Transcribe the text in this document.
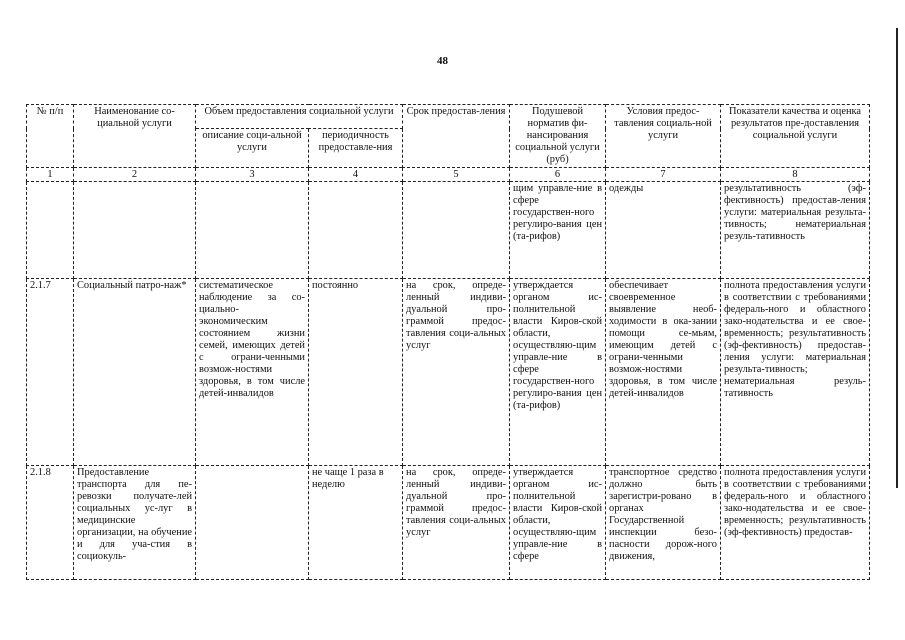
48
№ п/п	Наименование со-циальной услуги	Объем предоставления социальной услуги		Срок предостав-ления	Подушевой норматив фи-нансирования социальной услуги (руб)	Условия предос-тавления социаль-ной услуги	Показатели качества и оценка результатов пре-доставления социальной услуги
		описание соци-альной услуги	периодичность предоставле-ния				
1	2	3	4	5	6	7	8
					щим управле-ние в сфере государствен-ного регулиро-вания цен (та-рифов)	одежды	результативность (эф-фективность) предостав-ления услуги: материальная результа-тивность; нематериальная резуль-тативность
2.1.7	Социальный патро-наж*	систематическое наблюдение за со-циально-экономическим состоянием жизни семей, имеющих детей с ограни-ченными возмож-ностями здоровья, в том числе детей-инвалидов	постоянно	на срок, опреде-ленный индиви-дуальной про-граммой предос-тавления соци-альных услуг	утверждается органом ис-полнительной власти Киров-ской области, осуществляю-щим управле-ние в сфере государствен-ного регулиро-вания цен (та-рифов)	обеспечивает своевременное выявление необ-ходимости в ока-зании помощи се-мьям, имеющим детей с ограни-ченными возмож-ностями здоровья, в том числе детей-инвалидов	полнота предоставления услуги в соответствии с требованиями федераль-ного и областного зако-нодательства и ее свое-временность; результативность (эф-фективность) предостав-ления услуги: материальная результа-тивность; нематериальная резуль-тативность
2.1.8	Предоставление транспорта для пе-ревозки получате-лей социальных ус-луг в медицинские организации, на обучение и для уча-стия в социокуль-		не чаще 1 раза в неделю	на срок, опреде-ленный индиви-дуальной про-граммой предос-тавления соци-альных услуг	утверждается органом ис-полнительной власти Киров-ской области, осуществляю-щим управле-ние в сфере	транспортное средство должно быть зарегистри-ровано в органах Государственной инспекции безо-пасности дорож-ного движения,	полнота предоставления услуги в соответствии с требованиями федераль-ного и областного зако-нодательства и ее свое-временность; результативность (эф-фективность) предостав-
